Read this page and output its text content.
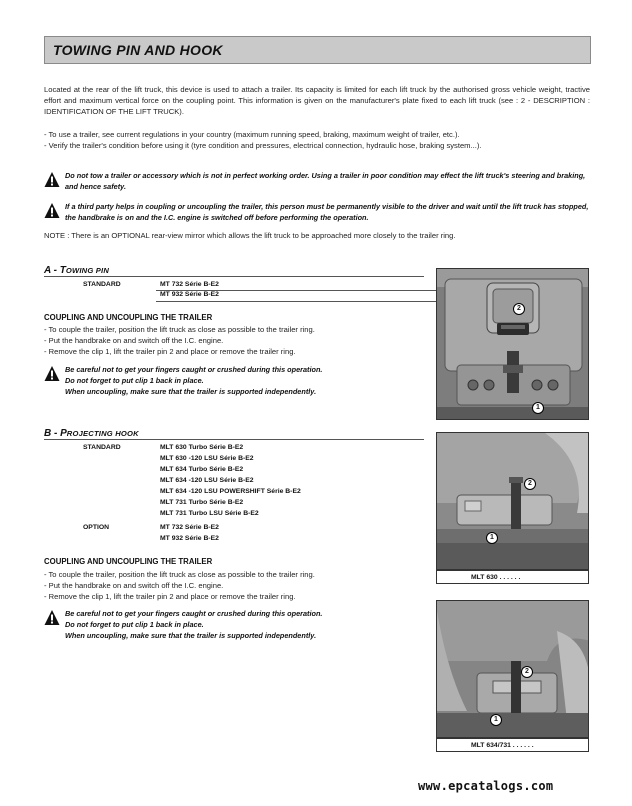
TOWING PIN AND HOOK
Located at the rear of the lift truck, this device is used to attach a trailer. Its capacity is limited for each lift truck by the authorised gross vehicle weight, tractive effort and maximum vertical force on the coupling point. This information is given on the manufacturer's plate fixed to each lift truck (see : 2 - DESCRIPTION : IDENTIFICATION OF THE LIFT TRUCK).
- To use a trailer, see current regulations in your country (maximum running speed, braking, maximum weight of trailer, etc.).
- Verify the trailer's condition before using it (tyre condition and pressures, electrical connection, hydraulic hose, braking system...).
Do not tow a trailer or accessory which is not in perfect working order. Using a trailer in poor condition may effect the lift truck's steering and braking, and hence safety.
If a third party helps in coupling or uncoupling the trailer, this person must be permanently visible to the driver and wait until the lift truck has stopped, the handbrake is on and the I.C. engine is switched off before performing the operation.
NOTE : There is an OPTIONAL rear-view mirror which allows the lift truck to be approached more closely to the trailer ring.
A - TOWING PIN
STANDARD	MT 732 Série B-E2
MT 932 Série B-E2
COUPLING AND UNCOUPLING THE TRAILER
- To couple the trailer, position the lift truck as close as possible to the trailer ring.
- Put the handbrake on and switch off the I.C. engine.
- Remove the clip 1, lift the trailer pin 2 and place or remove the trailer ring.
Be careful not to get your fingers caught or crushed during this operation.
Do not forget to put clip 1 back in place.
When uncoupling, make sure that the trailer is supported independently.
2
1
B - PROJECTING HOOK
STANDARD	MLT 630 Turbo Série B-E2
MLT 630 -120 LSU Série B-E2
MLT 634 Turbo Série B-E2
MLT 634 -120 LSU Série B-E2
MLT 634 -120 LSU POWERSHIFT Série B-E2
MLT 731 Turbo Série B-E2
MLT 731 Turbo LSU Série B-E2
OPTION	MT 732 Série B-E2
MT 932 Série B-E2
COUPLING AND UNCOUPLING THE TRAILER
- To couple the trailer, position the lift truck as close as possible to the trailer ring.
- Put the handbrake on and switch off the I.C. engine.
- Remove the clip 1, lift the trailer pin 2 and place or remove the trailer ring.
Be careful not to get your fingers caught or crushed during this operation.
Do not forget to put clip 1 back in place.
When uncoupling, make sure that the trailer is supported independently.
2
1
MLT 630 . . . . . .
2
1
MLT 634/731 . . . . . .
www.epcatalogs.com
